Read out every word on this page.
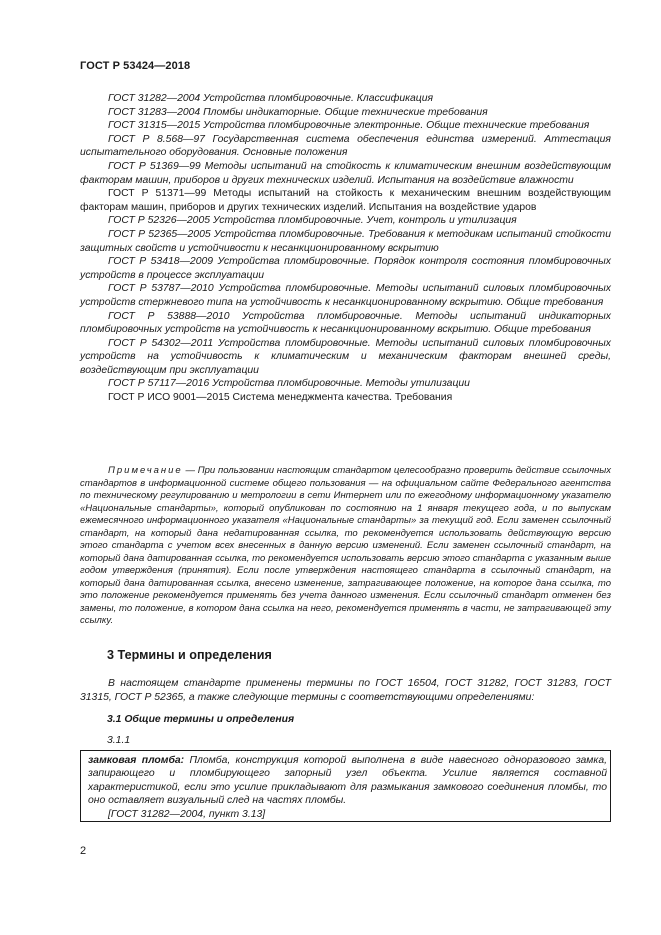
ГОСТ Р 53424—2018

ГОСТ 31282—2004 Устройства пломбировочные. Классификация

ГОСТ 31283—2004 Пломбы индикаторные. Общие технические требования

ГОСТ 31315—2015 Устройства пломбировочные электронные. Общие технические требования

ГОСТ Р 8.568—97 Государственная система обеспечения единства измерений. Аттестация испытательного оборудования. Основные положения

ГОСТ Р 51369—99 Методы испытаний на стойкость к климатическим внешним воздействующим факторам машин, приборов и других технических изделий. Испытания на воздействие влажности

ГОСТ Р 51371—99 Методы испытаний на стойкость к механическим внешним воздействующим факторам машин, приборов и других технических изделий. Испытания на воздействие ударов

ГОСТ Р 52326—2005 Устройства пломбировочные. Учет, контроль и утилизация

ГОСТ Р 52365—2005 Устройства пломбировочные. Требования к методикам испытаний стойкости защитных свойств и устойчивости к несанкционированному вскрытию

ГОСТ Р 53418—2009 Устройства пломбировочные. Порядок контроля состояния пломбировочных устройств в процессе эксплуатации

ГОСТ Р 53787—2010 Устройства пломбировочные. Методы испытаний силовых пломбировочных устройств стержневого типа на устойчивость к несанкционированному вскрытию. Общие требования

ГОСТ Р 53888—2010 Устройства пломбировочные. Методы испытаний индикаторных пломбировочных устройств на устойчивость к несанкционированному вскрытию. Общие требования

ГОСТ Р 54302—2011 Устройства пломбировочные. Методы испытаний силовых пломбировочных устройств на устойчивость к климатическим и механическим факторам внешней среды, воздействующим при эксплуатации

ГОСТ Р 57117—2016 Устройства пломбировочные. Методы утилизации

ГОСТ Р ИСО 9001—2015 Система менеджмента качества. Требования

Примечание — При пользовании настоящим стандартом целесообразно проверить действие ссылочных стандартов в информационной системе общего пользования — на официальном сайте Федерального агентства по техническому регулированию и метрологии в сети Интернет или по ежегодному информационному указателю «Национальные стандарты», который опубликован по состоянию на 1 января текущего года, и по выпускам ежемесячного информационного указателя «Национальные стандарты» за текущий год. Если заменен ссылочный стандарт, на который дана недатированная ссылка, то рекомендуется использовать действующую версию этого стандарта с учетом всех внесенных в данную версию изменений. Если заменен ссылочный стандарт, на который дана датированная ссылка, то рекомендуется использовать версию этого стандарта с указанным выше годом утверждения (принятия). Если после утверждения настоящего стандарта в ссылочный стандарт, на который дана датированная ссылка, внесено изменение, затрагивающее положение, на которое дана ссылка, то это положение рекомендуется применять без учета данного изменения. Если ссылочный стандарт отменен без замены, то положение, в котором дана ссылка на него, рекомендуется применять в части, не затрагивающей эту ссылку.

3 Термины и определения

В настоящем стандарте применены термины по ГОСТ 16504, ГОСТ 31282, ГОСТ 31283, ГОСТ 31315, ГОСТ Р 52365, а также следующие термины с соответствующими определениями:

3.1 Общие термины и определения
3.1.1

замковая пломба: Пломба, конструкция которой выполнена в виде навесного одноразового замка, запирающего и пломбирующего запорный узел объекта. Усилие является составной характеристикой, если это усилие прикладывают для размыкания замкового соединения пломбы, то оно оставляет визуальный след на частях пломбы.

[ГОСТ 31282—2004, пункт 3.13]

2
